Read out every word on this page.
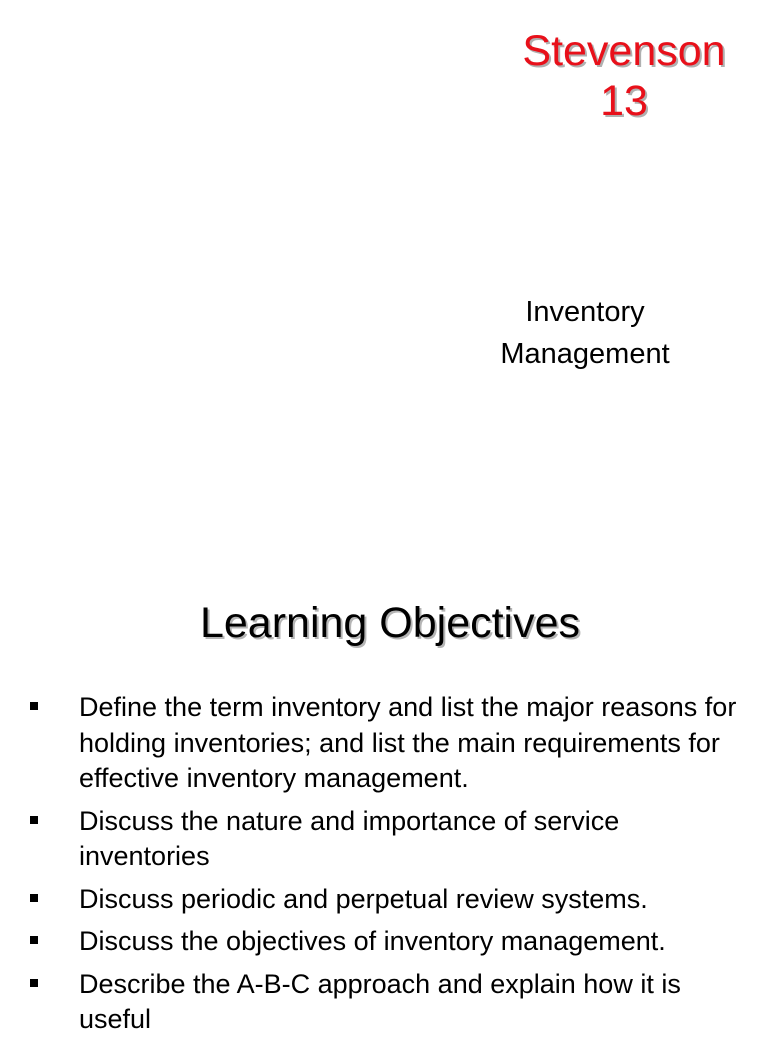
Stevenson
13
Inventory
Management
Learning Objectives
Define the term inventory and list the major reasons for holding inventories; and list the main requirements for effective inventory management.
Discuss the nature and importance of service inventories
Discuss periodic and perpetual review systems.
Discuss the objectives of inventory management.
Describe the A-B-C approach and explain how it is useful
